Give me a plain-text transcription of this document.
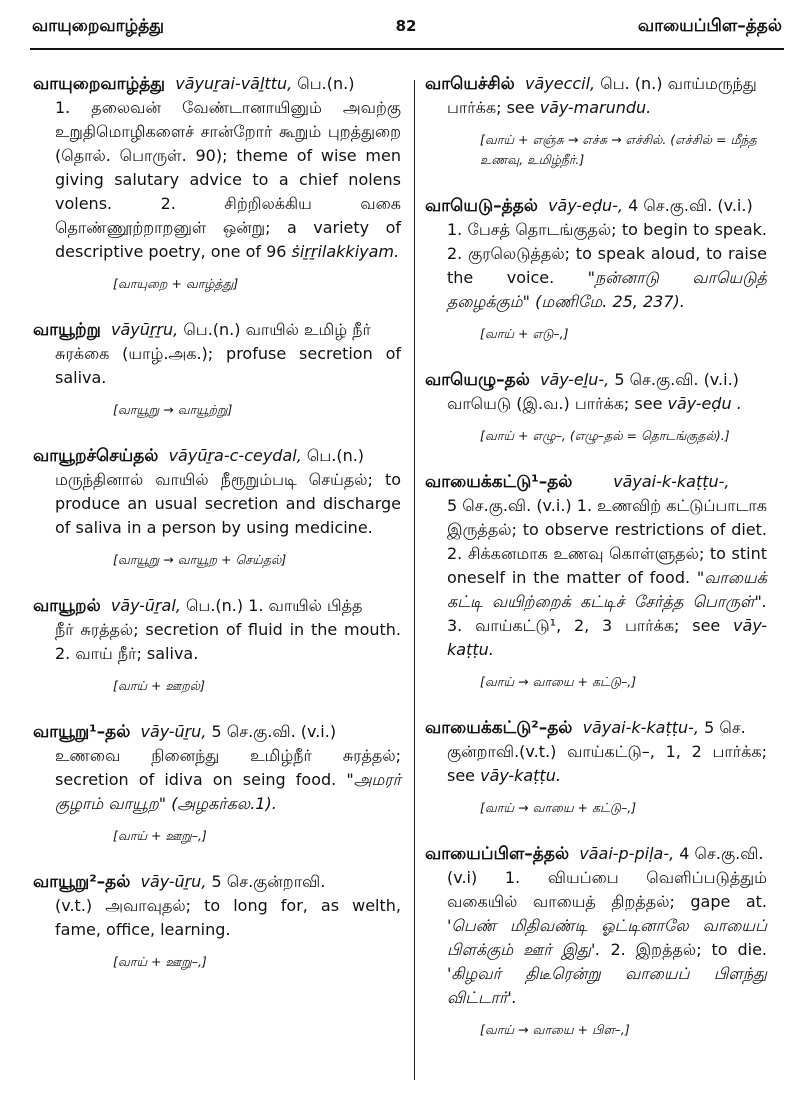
வாயுறைவாழ்த்து	82	வாயைப்பிள–த்தல்
வாயுறைவாழ்த்து vāyuṟai-vāḻttu, பெ.(n.)
1. தலைவன் வேண்டானாயினும் அவற்கு உறுதிமொழிகளைச் சான்றோர் கூறும் புறத்துறை (தொல். பொருள். 90); theme of wise men giving salutary advice to a chief nolens volens. 2. சிற்றிலக்கிய வகை தொண்ணூற்றாறனுள் ஒன்று; a variety of descriptive poetry, one of 96 ṡiṟṟilakkiyam.
[வாயுறை + வாழ்த்து]
வாயூற்று vāyūṟṟu, பெ.(n.) வாயில் உமிழ் நீர்
சுரக்கை (யாழ்.அக.); profuse secretion of saliva.
[வாயூறு → வாயூற்று]
வாயூறச்செய்தல் vāyūṟa-c-ceydal, பெ.(n.)
மருந்தினால் வாயில் நீரூறும்படி செய்தல்; to produce an usual secretion and discharge of saliva in a person by using medicine.
[வாயூறு → வாயூற + செய்தல்]
வாயூறல் vāy-ūṟal, பெ.(n.) 1. வாயில் பித்த
நீர் சுரத்தல்; secretion of fluid in the mouth. 2. வாய் நீர்; saliva.
[வாய் + ஊறல்]
வாயூறு¹–தல் vāy-ūṟu, 5 செ.கு.வி. (v.i.)
உணவை நினைந்து உமிழ்நீர் சுரத்தல்; secretion of idiva on seing food. "அமரர் குழாம் வாயூற" (அழகர்கல.1).
[வாய் + ஊறு–,]
வாயூறு²–தல் vāy-ūṟu, 5 செ.குன்றாவி.
(v.t.) அவாவுதல்; to long for, as welth, fame, office, learning.
[வாய் + ஊறு–,]
வாயெச்சில் vāyeccil, பெ. (n.) வாய்மருந்து
பார்க்க; see vāy-marundu.
[வாய் + எஞ்சு → எச்சு → எச்சில். (எச்சில் = மீந்த உணவு, உமிழ்நீர்.]
வாயெடு–த்தல் vāy-eḍu-, 4 செ.கு.வி. (v.i.)
1. பேசத் தொடங்குதல்; to begin to speak. 2. குரலெடுத்தல்; to speak aloud, to raise the voice. "நன்னாடு வாயெடுத் தழைக்கும்" (மணிமே. 25, 237).
[வாய் + எடு–,]
வாயெழு–தல் vāy-eḻu-, 5 செ.கு.வி. (v.i.)
வாயெடு (இ.வ.) பார்க்க; see vāy-eḍu .
[வாய் + எழு–, (எழு–தல் = தொடங்குதல்).]
வாயைக்கட்டு¹–தல்	vāyai-k-kaṭṭu-,
5 செ.கு.வி. (v.i.) 1. உணவிற் கட்டுப்பாடாக இருத்தல்; to observe restrictions of diet. 2. சிக்கனமாக உணவு கொள்ளுதல்; to stint oneself in the matter of food. "வாயைக் கட்டி வயிற்றைக் கட்டிச் சேர்த்த பொருள்". 3. வாய்கட்டு¹, 2, 3 பார்க்க; see vāy-kaṭṭu.
[வாய் → வாயை + கட்டு–,]
வாயைக்கட்டு²–தல் vāyai-k-kaṭṭu-, 5 செ.
குன்றாவி.(v.t.) வாய்கட்டு–, 1, 2 பார்க்க; see vāy-kaṭṭu.
[வாய் → வாயை + கட்டு–,]
வாயைப்பிள–த்தல் vāai-p-piḷa-, 4 செ.கு.வி.
(v.i) 1. வியப்பை வெளிப்படுத்தும் வகையில் வாயைத் திறத்தல்; gape at. 'பெண் மிதிவண்டி ஓட்டினாலே வாயைப் பிளக்கும் ஊர் இது'. 2. இறத்தல்; to die. 'கிழவர் திடீரென்று வாயைப் பிளந்து விட்டார்'.
[வாய் → வாயை + பிள–,]
